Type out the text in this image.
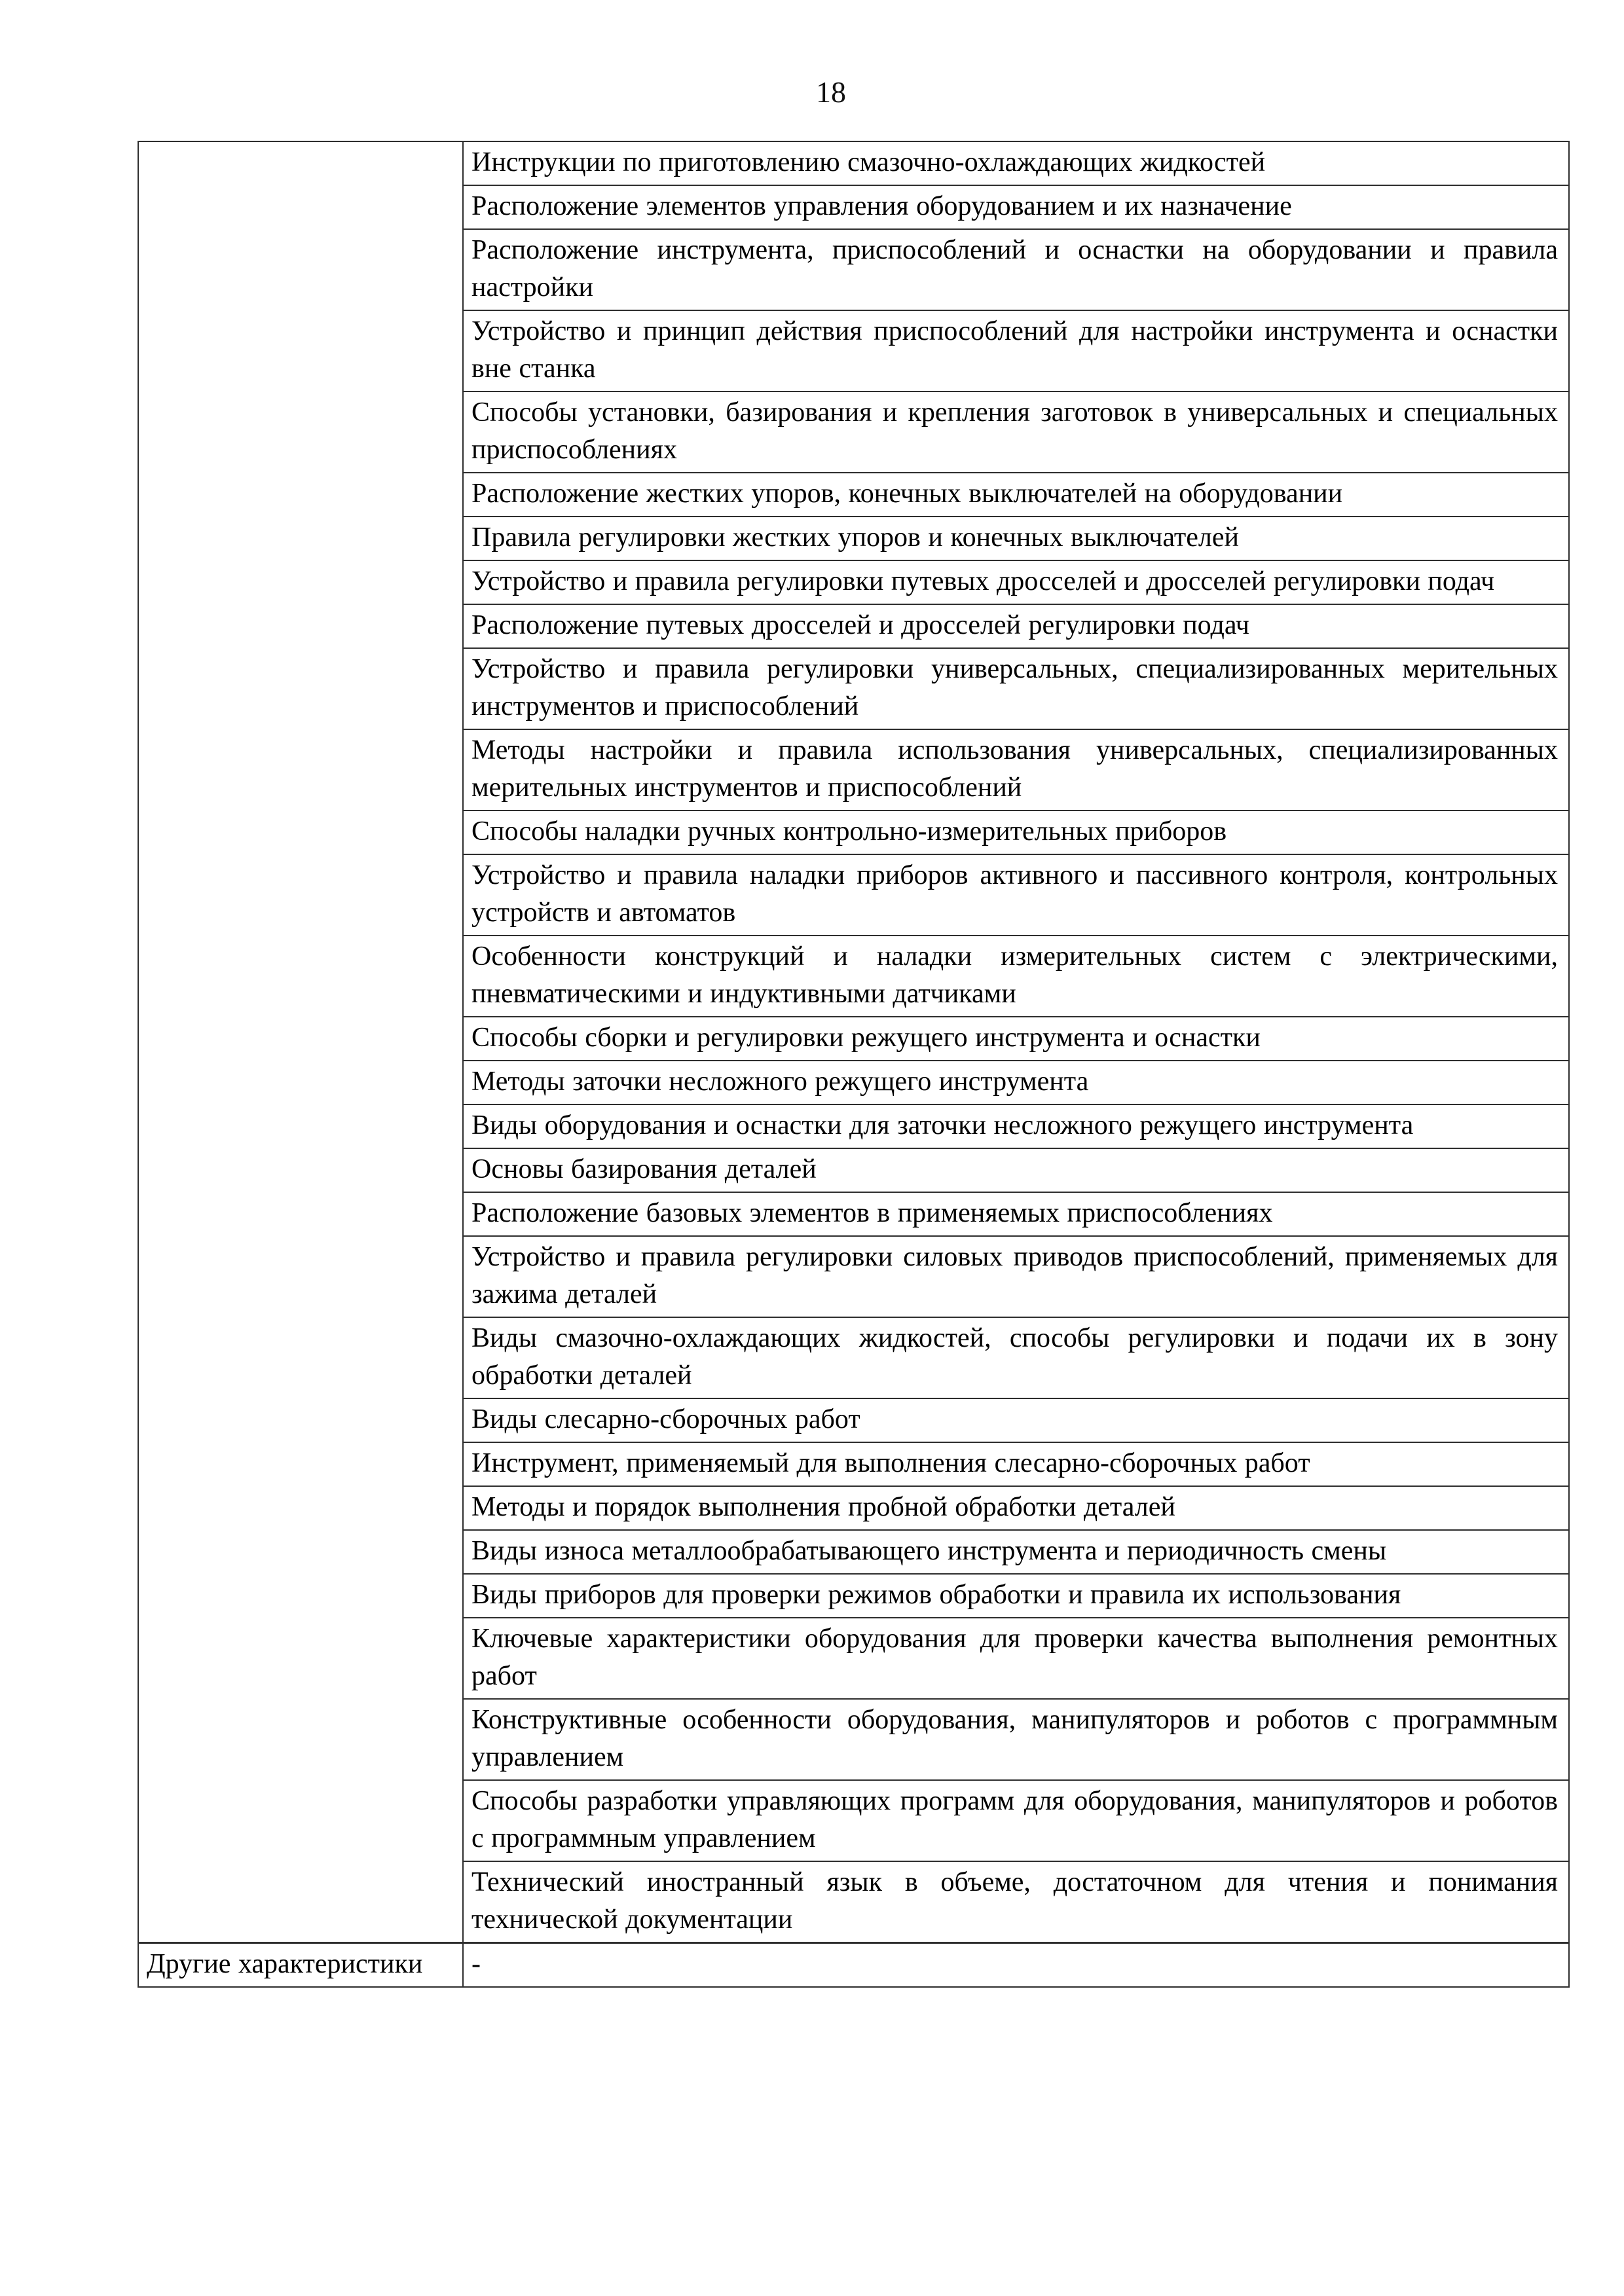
18
	Инструкции по приготовлению смазочно-охлаждающих жидкостей
	Расположение элементов управления оборудованием и их назначение
	Расположение инструмента, приспособлений и оснастки на оборудовании и правила настройки
	Устройство и принцип действия приспособлений для настройки инструмента и оснастки вне станка
	Способы установки, базирования и крепления заготовок в универсальных и специальных приспособлениях
	Расположение жестких упоров, конечных выключателей на оборудовании
	Правила регулировки жестких упоров и конечных выключателей
	Устройство и правила регулировки путевых дросселей и дросселей регулировки подач
	Расположение путевых дросселей и дросселей регулировки подач
	Устройство и правила регулировки универсальных, специализированных мерительных инструментов и приспособлений
	Методы настройки и правила использования универсальных, специализированных мерительных инструментов и приспособлений
	Способы наладки ручных контрольно-измерительных приборов
	Устройство и правила наладки приборов активного и пассивного контроля, контрольных устройств и автоматов
	Особенности конструкций и наладки измерительных систем с электрическими, пневматическими и индуктивными датчиками
	Способы сборки и регулировки режущего инструмента и оснастки
	Методы заточки несложного режущего инструмента
	Виды оборудования и оснастки для заточки несложного режущего инструмента
	Основы базирования деталей
	Расположение базовых элементов в применяемых приспособлениях
	Устройство и правила регулировки силовых приводов приспособлений, применяемых для зажима деталей
	Виды смазочно-охлаждающих жидкостей, способы регулировки и подачи их в зону обработки деталей
	Виды слесарно-сборочных работ
	Инструмент, применяемый для выполнения слесарно-сборочных работ
	Методы и порядок выполнения пробной обработки деталей
	Виды износа металлообрабатывающего инструмента и периодичность смены
	Виды приборов для проверки режимов обработки и правила их использования
	Ключевые характеристики оборудования для проверки качества выполнения ремонтных работ
	Конструктивные особенности оборудования, манипуляторов и роботов с программным управлением
	Способы разработки управляющих программ для оборудования, манипуляторов и роботов с программным управлением
	Технический иностранный язык в объеме, достаточном для чтения и понимания технической документации
Другие характеристики	-
